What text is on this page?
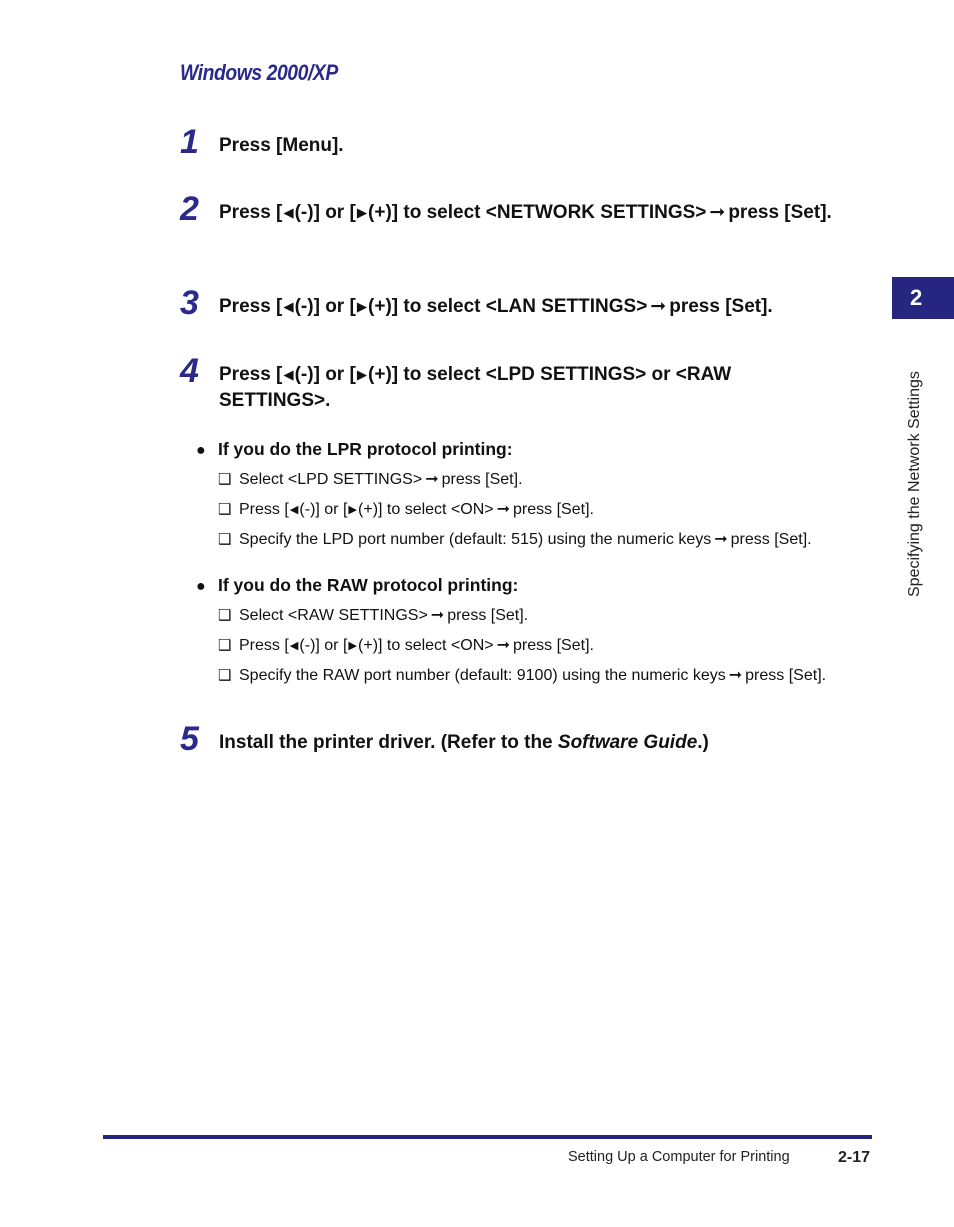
Windows 2000/XP
1 Press [Menu].
2 Press [◀(-)] or [▶(+)] to select <NETWORK SETTINGS> ➞ press [Set].
3 Press [◀(-)] or [▶(+)] to select <LAN SETTINGS> ➞ press [Set].
4 Press [◀(-)] or [▶(+)] to select <LPD SETTINGS> or <RAW SETTINGS>.
● If you do the LPR protocol printing:
❑ Select <LPD SETTINGS> ➞ press [Set].
❑ Press [◀(-)] or [▶(+)] to select <ON> ➞ press [Set].
❑ Specify the LPD port number (default: 515) using the numeric keys ➞ press [Set].
● If you do the RAW protocol printing:
❑ Select <RAW SETTINGS> ➞ press [Set].
❑ Press [◀(-)] or [▶(+)] to select <ON> ➞ press [Set].
❑ Specify the RAW port number (default: 9100) using the numeric keys ➞ press [Set].
5 Install the printer driver. (Refer to the Software Guide.)
2
Specifying the Network Settings
Setting Up a Computer for Printing	2-17
